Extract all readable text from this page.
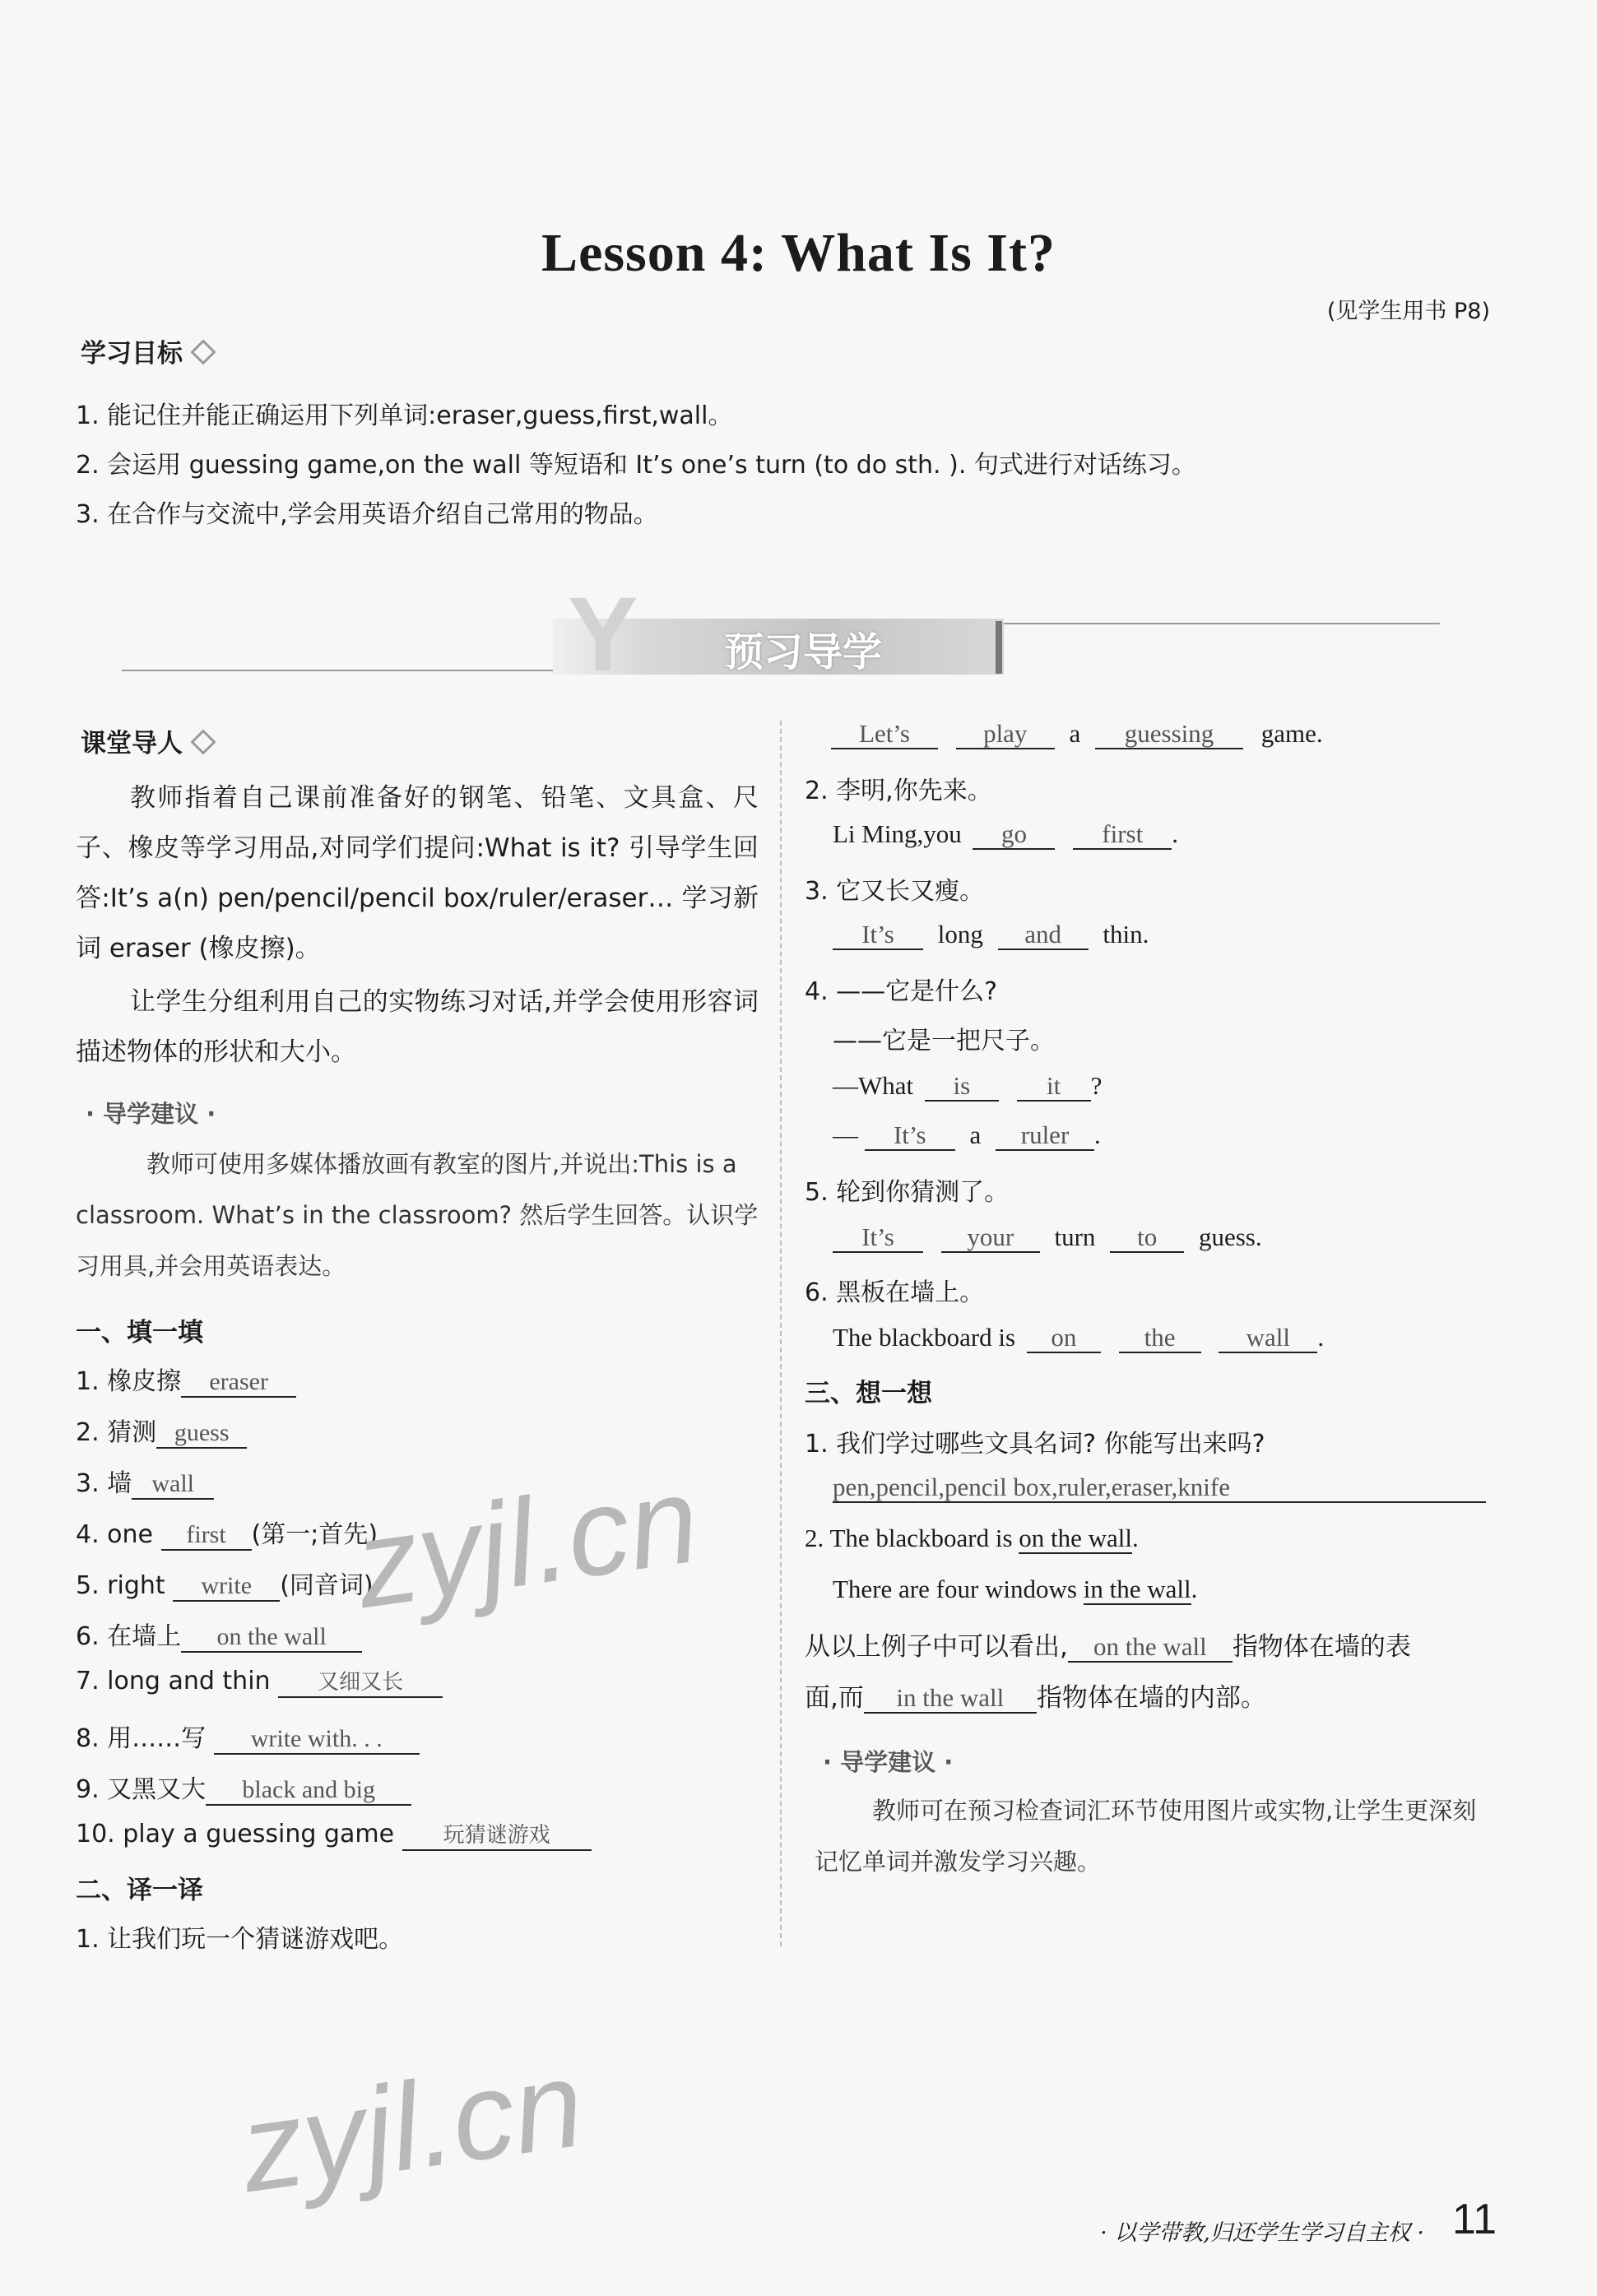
Lesson 4: What Is It?
(见学生用书 P8)
学习目标
1. 能记住并能正确运用下列单词:eraser,guess,first,wall。
2. 会运用 guessing game,on the wall 等短语和 It’s one’s turn (to do sth. ). 句式进行对话练习。
3. 在合作与交流中,学会用英语介绍自己常用的物品。
Y 预习导学
课堂导人
教师指着自己课前准备好的钢笔、铅笔、文具盒、尺子、橡皮等学习用品,对同学们提问:What is it? 引导学生回答:It’s a(n) pen/pencil/pencil box/ruler/eraser… 学习新词 eraser (橡皮擦)。
让学生分组利用自己的实物练习对话,并学会使用形容词描述物体的形状和大小。
· 导学建议 ·
教师可使用多媒体播放画有教室的图片,并说出:This is a classroom. What’s in the classroom? 然后学生回答。认识学习用具,并会用英语表达。
一、填一填
1. 橡皮擦 eraser
2. 猜测 guess
3. 墙 wall
4. one first (第一;首先)
5. right write (同音词)
6. 在墙上 on the wall
7. long and thin 又细又长
8. 用……写 write with. . .
9. 又黑又大 black and big
10. play a guessing game 玩猜谜游戏
二、译一译
1. 让我们玩一个猜谜游戏吧。
Let’s	play a guessing game.
2. 李明,你先来。
Li Ming,you go	first .
3. 它又长又瘦。
It’s long and thin.
4. ——它是什么?
——它是一把尺子。
—What is	it ?
— It’s a ruler .
5. 轮到你猜测了。
It’s	your turn to guess.
6. 黑板在墙上。
The blackboard is on	the	wall .
三、想一想
1. 我们学过哪些文具名词? 你能写出来吗?
pen,pencil,pencil box,ruler,eraser,knife
2. The blackboard is on the wall.
There are four windows in the wall.
从以上例子中可以看出, on the wall 指物体在墙的表
面,而 in the wall 指物体在墙的内部。
· 导学建议 ·
教师可在预习检查词汇环节使用图片或实物,让学生更深刻记忆单词并激发学习兴趣。
zyjl.cn
zyjl.cn
· 以学带教,归还学生学习自主权 · 11
